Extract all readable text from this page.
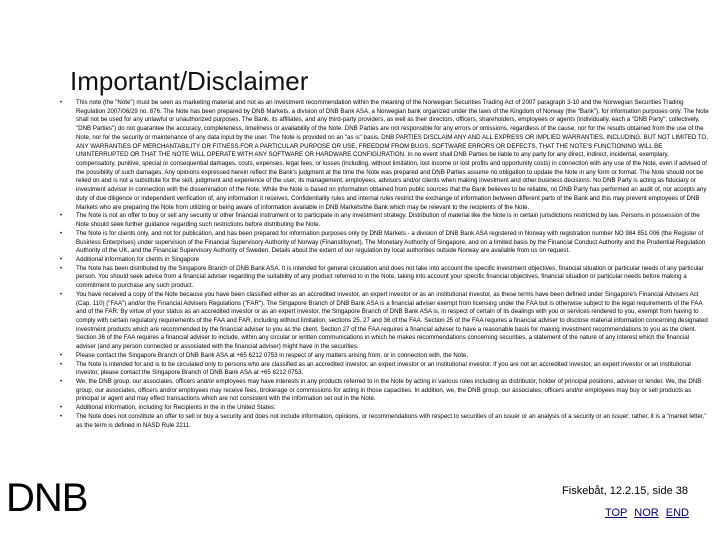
Important/Disclaimer
• This note (the "Note") must be seen as marketing material and not as an investment recommendation within the meaning of the Norwegian Securities Trading Act of 2007 paragraph 3-10 and the Norwegian Securities Trading Regulation 2007/06/29 no. 876. The Note has been prepared by DNB Markets, a division of DNB Bank ASA, a Norwegian bank organized under the laws of the Kingdom of Norway (the "Bank"), for information purposes only. The Note shall not be used for any unlawful or unauthorized purposes. The Bank, its affiliates, and any third-party providers, as well as their directors, officers, shareholders, employees or agents (individually, each a "DNB Party"; collectively, "DNB Parties") do not guarantee the accuracy, completeness, timeliness or availability of the Note. DNB Parties are not responsible for any errors or omissions, regardless of the cause, nor for the results obtained from the use of the Note, nor for the security or maintenance of any data input by the user. The Note is provided on an "as is" basis. DNB PARTIES DISCLAIM ANY AND ALL EXPRESS OR IMPLIED WARRANTIES, INCLUDING, BUT NOT LIMITED TO, ANY WARRANTIES OF MERCHANTABILITY OR FITNESS FOR A PARTICULAR PURPOSE OR USE, FREEDOM FROM BUGS, SOFTWARE ERRORS OR DEFECTS, THAT THE NOTE'S FUNCTIONING WILL BE UNINTERRUPTED OR THAT THE NOTE WILL OPERATE WITH ANY SOFTWARE OR HARDWARE CONFIGURATION. In no event shall DNB Parties be liable to any party for any direct, indirect, incidental, exemplary, compensatory, punitive, special or consequential damages, costs, expenses, legal fees, or losses (including, without limitation, lost income or lost profits and opportunity costs) in connection with any use of the Note, even if advised of the possibility of such damages. Any opinions expressed herein reflect the Bank's judgment at the time the Note was prepared and DNB Parties assume no obligation to update the Note in any form or format. The Note should not be relied on and is not a substitute for the skill, judgment and experience of the user, its management, employees, advisors and/or clients when making investment and other business decisions. No DNB Party is acting as fiduciary or investment advisor in connection with the dissemination of the Note. While the Note is based on information obtained from public sources that the Bank believes to be reliable, no DNB Party has performed an audit of, nor accepts any duty of due diligence or independent verification of, any information it receives. Confidentiality rules and internal rules restrict the exchange of information between different parts of the Bank and this may prevent employees of DNB Markets who are preparing the Note from utilizing or being aware of information available in DNB Markets/the Bank which may be relevant to the recipients of the Note.
• The Note is not an offer to buy or sell any security or other financial instrument or to participate in any investment strategy. Distribution of material like the Note is in certain jurisdictions restricted by law. Persons in possession of the Note should seek further guidance regarding such restrictions before distributing the Note.
• The Note is for clients only, and not for publication, and has been prepared for information purposes only by DNB Markets - a division of DNB Bank ASA registered in Norway with registration number NO 984 851 006 (the Register of Business Enterprises) under supervision of the Financial Supervisory Authority of Norway (Finanstilsynet), The Monetary Authority of Singapore, and on a limited basis by the Financial Conduct Authority and the Prudential Regulation Authority of the UK, and the Financial Supervisory Authority of Sweden. Details about the extent of our regulation by local authorities outside Norway are available from us on request.
• Additional information for clients in Singapore
• The Note has been distributed by the Singapore Branch of DNB Bank ASA. It is intended for general circulation and does not take into account the specific investment objectives, financial situation or particular needs of any particular person. You should seek advice from a financial adviser regarding the suitability of any product referred to in the Note, taking into account your specific financial objectives, financial situation or particular needs before making a commitment to purchase any such product.
• You have received a copy of the Note because you have been classified either as an accredited investor, an expert investor or as an institutional investor, as these terms have been defined under Singapore's Financial Advisers Act (Cap. 110) ("FAA") and/or the Financial Advisers Regulations ("FAR"). The Singapore Branch of DNB Bank ASA is a financial adviser exempt from licensing under the FAA but is otherwise subject to the legal requirements of the FAA and of the FAR. By virtue of your status as an accredited investor or as an expert investor, the Singapore Branch of DNB Bank ASA is, in respect of certain of its dealings with you or services rendered to you, exempt from having to comply with certain regulatory requirements of the FAA and FAR, including without limitation, sections 25, 27 and 36 of the FAA. Section 25 of the FAA requires a financial adviser to disclose material information concerning designated investment products which are recommended by the financial adviser to you as the client. Section 27 of the FAA requires a financial adviser to have a reasonable basis for making investment recommendations to you as the client. Section 36 of the FAA requires a financial adviser to include, within any circular or written communications in which he makes recommendations concerning securities, a statement of the nature of any interest which the financial adviser (and any person connected or associated with the financial adviser) might have in the securities.
• Please contact the Singapore Branch of DNB Bank ASA at +65 6212 0753 in respect of any matters arising from, or in connection with, the Note.
• The Note is intended for and is to be circulated only to persons who are classified as an accredited investor, an expert investor or an institutional investor. If you are not an accredited investor, an expert investor or an institutional investor, please contact the Singapore Branch of DNB Bank ASA at +65 6212 0753.
• We, the DNB group, our associates, officers and/or employees may have interests in any products referred to in the Note by acting in various roles including as distributor, holder of principal positions, adviser or lender. We, the DNB group, our associates, officers and/or employees may receive fees, brokerage or commissions for acting in those capacities. In addition, we, the DNB group, our associates, officers and/or employees may buy or sell products as principal or agent and may effect transactions which are not consistent with the information set out in the Note.
• Additional information, including for Recipients in the in the United States:
• The Note does not constitute an offer to sell or buy a security and does not include information, opinions, or recommendations with respect to securities of an issuer or an analysis of a security or an issuer; rather, it is a "market letter," as the term is defined in NASD Rule 2211.
DNB	Fiskebåt, 12.2.15, side 38
TOP NOR END
